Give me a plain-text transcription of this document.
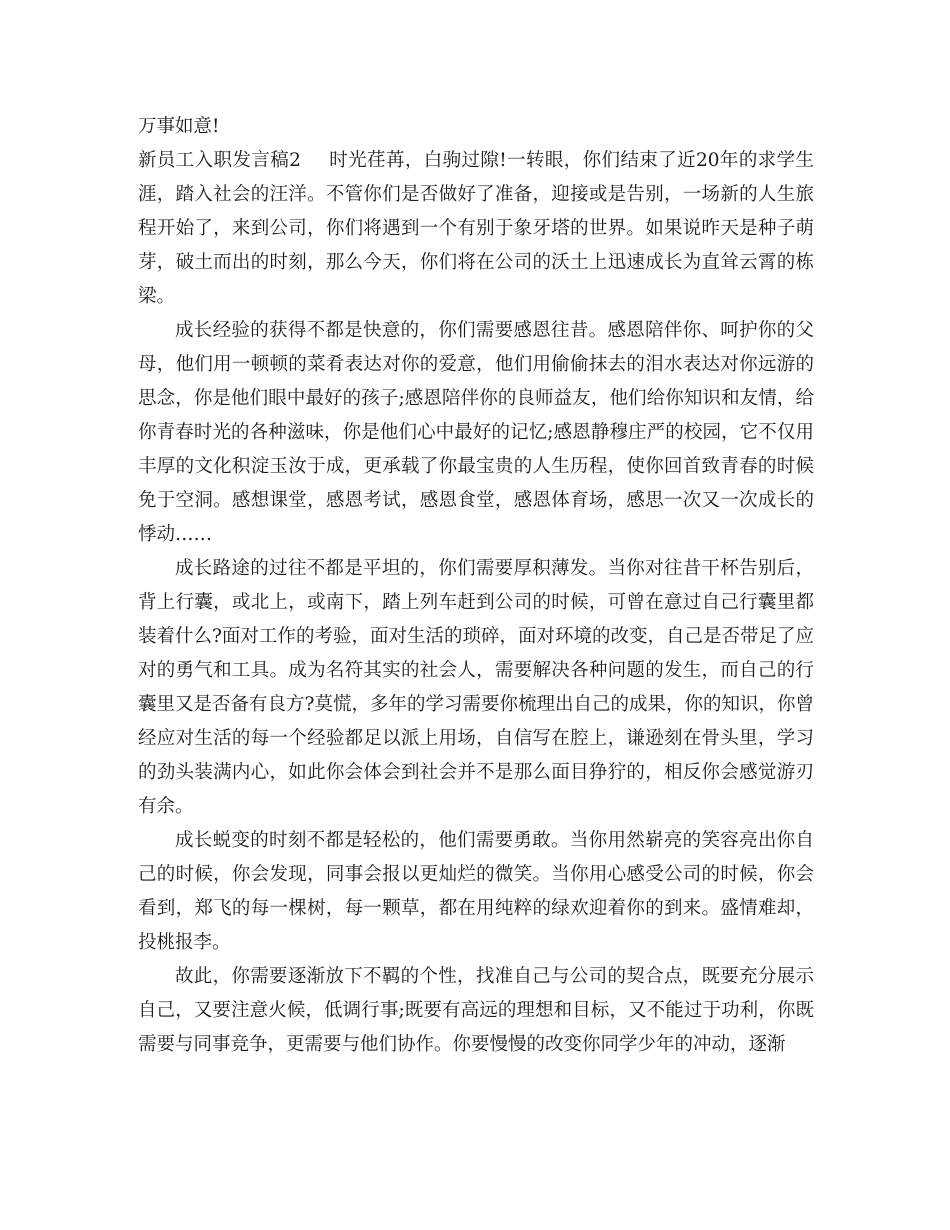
万事如意!

新员工入职发言稿2 时光荏苒，白驹过隙!一转眼，你们结束了近20年的求学生涯，踏入社会的汪洋。不管你们是否做好了准备，迎接或是告别，一场新的人生旅程开始了，来到公司，你们将遇到一个有别于象牙塔的世界。如果说昨天是种子萌芽，破土而出的时刻，那么今天，你们将在公司的沃土上迅速成长为直耸云霄的栋梁。

成长经验的获得不都是快意的，你们需要感恩往昔。感恩陪伴你、呵护你的父母，他们用一顿顿的菜肴表达对你的爱意，他们用偷偷抹去的泪水表达对你远游的思念，你是他们眼中最好的孩子;感恩陪伴你的良师益友，他们给你知识和友情，给你青春时光的各种滋味，你是他们心中最好的记忆;感恩静穆庄严的校园，它不仅用丰厚的文化积淀玉汝于成，更承载了你最宝贵的人生历程，使你回首致青春的时候免于空洞。感想课堂，感恩考试，感恩食堂，感恩体育场，感思一次又一次成长的悸动……

成长路途的过往不都是平坦的，你们需要厚积薄发。当你对往昔干杯告别后，背上行囊，或北上，或南下，踏上列车赶到公司的时候，可曾在意过自己行囊里都装着什么?面对工作的考验，面对生活的琐碎，面对环境的改变，自己是否带足了应对的勇气和工具。成为名符其实的社会人，需要解决各种问题的发生，而自己的行囊里又是否备有良方?莫慌，多年的学习需要你梳理出自己的成果，你的知识，你曾经应对生活的每一个经验都足以派上用场，自信写在腔上，谦逊刻在骨头里，学习的劲头装满内心，如此你会体会到社会并不是那么面目狰狞的，相反你会感觉游刃有余。

成长蜕变的时刻不都是轻松的，他们需要勇敢。当你用然崭亮的笑容亮出你自己的时候，你会发现，同事会报以更灿烂的微笑。当你用心感受公司的时候，你会看到，郑飞的每一棵树，每一颗草，都在用纯粹的绿欢迎着你的到来。盛情难却，投桃报李。

故此，你需要逐渐放下不羁的个性，找准自己与公司的契合点，既要充分展示自己，又要注意火候，低调行事;既要有高远的理想和目标，又不能过于功利，你既需要与同事竞争，更需要与他们协作。你要慢慢的改变你同学少年的冲动，逐渐
